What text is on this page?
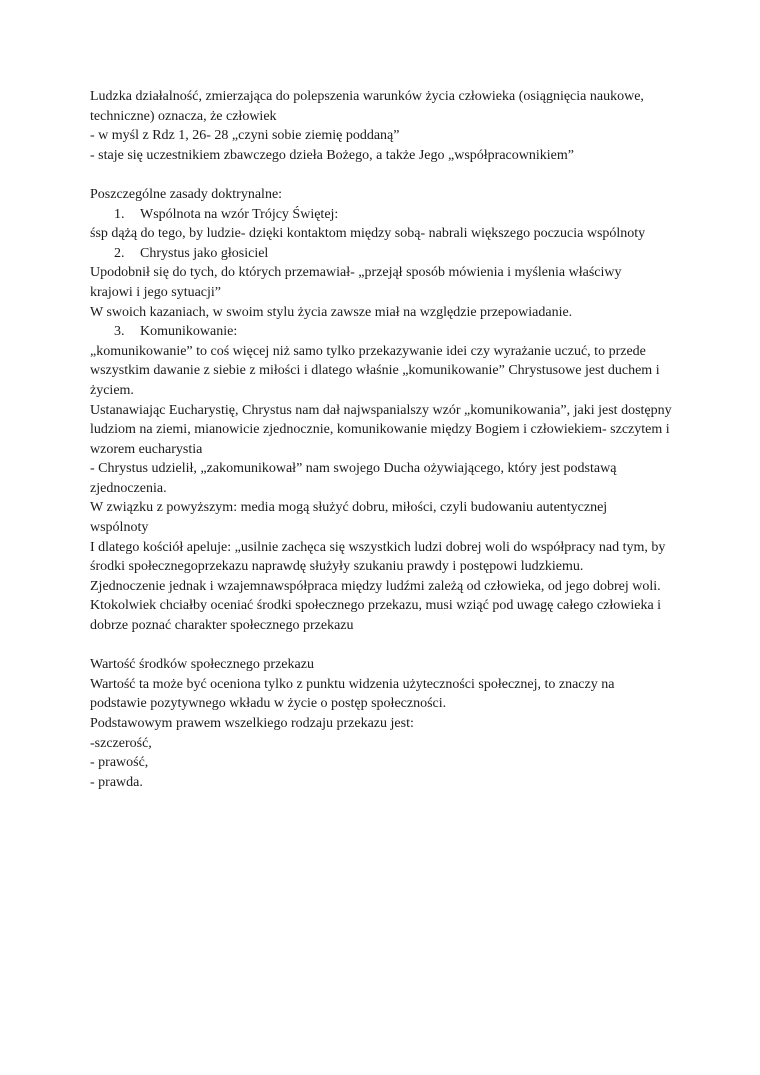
Ludzka działalność, zmierzająca do polepszenia warunków życia człowieka (osiągnięcia naukowe, techniczne) oznacza, że człowiek

- w myśl z Rdz 1, 26- 28 „czyni sobie ziemię poddaną”

- staje się uczestnikiem zbawczego dzieła Bożego, a także Jego „współpracownikiem”

Poszczególne zasady doktrynalne:

1. Wspólnota na wzór Trójcy Świętej:

śsp dążą do tego, by ludzie- dzięki kontaktom między sobą- nabrali większego poczucia wspólnoty

2. Chrystus jako głosiciel

Upodobnił się do tych, do których przemawiał- „przejął sposób mówienia i myślenia właściwy krajowi i jego sytuacji”

W swoich kazaniach, w swoim stylu życia zawsze miał na względzie przepowiadanie.

3. Komunikowanie:

„komunikowanie” to coś więcej niż samo tylko przekazywanie idei czy wyrażanie uczuć, to przede wszystkim dawanie z siebie z miłości i dlatego właśnie „komunikowanie” Chrystusowe jest duchem i życiem.

Ustanawiając Eucharystię, Chrystus nam dał najwspanialszy wzór „komunikowania”, jaki jest dostępny ludziom na ziemi, mianowicie zjednocznie, komunikowanie między Bogiem i człowiekiem- szczytem i wzorem eucharystia

- Chrystus udzielił, „zakomunikował” nam swojego Ducha ożywiającego, który jest podstawą zjednoczenia.

W związku z powyższym: media mogą służyć dobru, miłości, czyli budowaniu autentycznej wspólnoty

I dlatego kościół apeluje: „usilnie zachęca się wszystkich ludzi dobrej woli do współpracy nad tym, by środki społecznegoprzekazu naprawdę służyły szukaniu prawdy i postępowi ludzkiemu.

Zjednoczenie jednak i wzajemnawspółpraca między ludźmi zależą od człowieka, od jego dobrej woli.

Ktokolwiek chciałby oceniać środki społecznego przekazu, musi wziąć pod uwagę całego człowieka i dobrze poznać charakter społecznego przekazu

Wartość środków społecznego przekazu

Wartość ta może być oceniona tylko z punktu widzenia użyteczności społecznej, to znaczy na podstawie pozytywnego wkładu w życie o postęp społeczności.

Podstawowym prawem wszelkiego rodzaju przekazu jest:

-szczerość,

- prawość,

- prawda.
